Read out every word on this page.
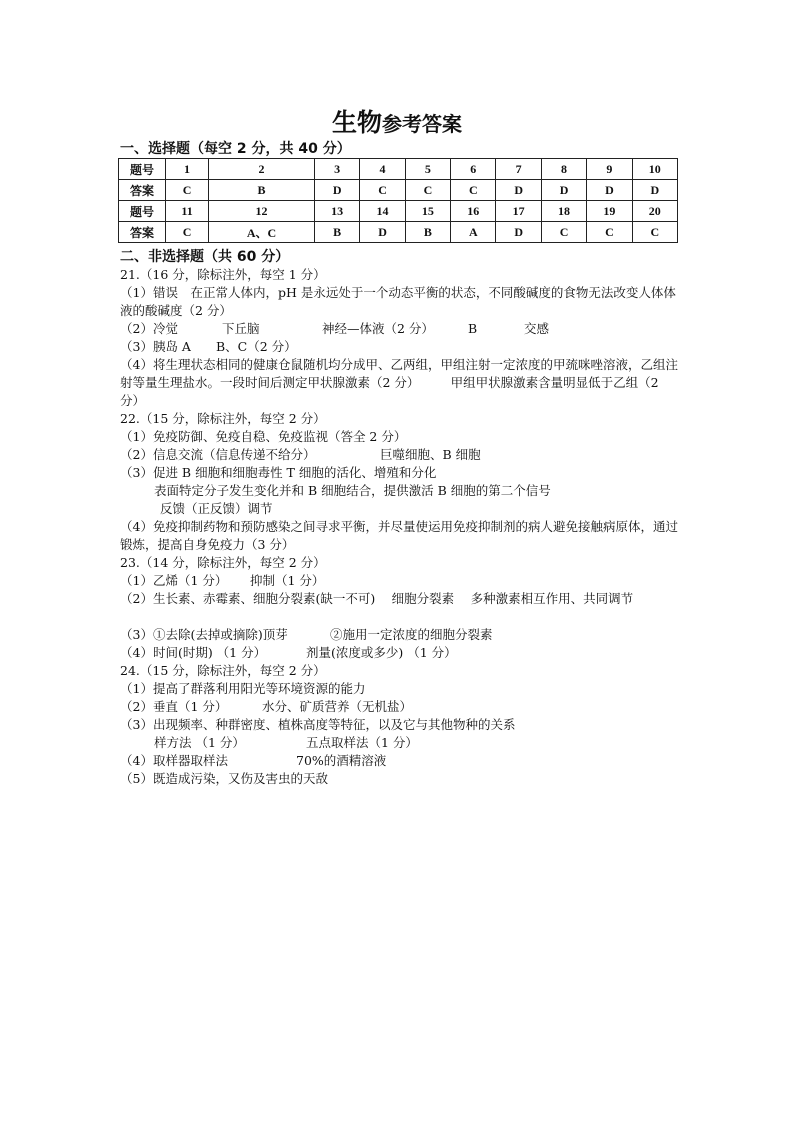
生物参考答案
一、选择题（每空 2 分，共 40 分）
题号	1	2	3	4	5	6	7	8	9	10
答案	C	B	D	C	C	C	D	D	D	D
题号	11	12	13	14	15	16	17	18	19	20
答案	C	A、C	B	D	B	A	D	C	C	C
二、非选择题（共 60 分）
21.（16 分，除标注外，每空 1 分）
（1）错误　在正常人体内，pH 是永远处于一个动态平衡的状态，不同酸碱度的食物无法改变人体体液的酸碱度（2 分）
（2）冷觉	下丘脑	神经—体液（2 分）	B	交感
（3）胰岛 A　　B、C（2 分）
（4）将生理状态相同的健康仓鼠随机均分成甲、乙两组，甲组注射一定浓度的甲巯咪唑溶液，乙组注射等量生理盐水。一段时间后测定甲状腺激素（2 分）　　　甲组甲状腺激素含量明显低于乙组（2 分）
22.（15 分，除标注外，每空 2 分）
（1）免疫防御、免疫自稳、免疫监视（答全 2 分）
（2）信息交流（信息传递不给分）	巨噬细胞、B 细胞
（3）促进 B 细胞和细胞毒性 T 细胞的活化、增殖和分化
表面特定分子发生变化并和 B 细胞结合，提供激活 B 细胞的第二个信号
反馈（正反馈）调节
（4）免疫抑制药物和预防感染之间寻求平衡，并尽量使运用免疫抑制剂的病人避免接触病原体，通过锻炼，提高自身免疫力（3 分）
23.（14 分，除标注外，每空 2 分）
（1）乙烯（1 分） 抑制（1 分）
（2）生长素、赤霉素、细胞分裂素(缺一不可)　 细胞分裂素　 多种激素相互作用、共同调节
（3）①去除(去掉或摘除)顶芽	②施用一定浓度的细胞分裂素
（4）时间(时期) （1 分）	剂量(浓度或多少) （1 分）
24.（15 分，除标注外，每空 2 分）
（1）提高了群落利用阳光等环境资源的能力
（2）垂直（1 分）	水分、矿质营养（无机盐）
（3）出现频率、种群密度、植株高度等特征，以及它与其他物种的关系
样方法 （1 分）	五点取样法（1 分）
（4）取样器取样法	70%的酒精溶液
（5）既造成污染，又伤及害虫的天敌
